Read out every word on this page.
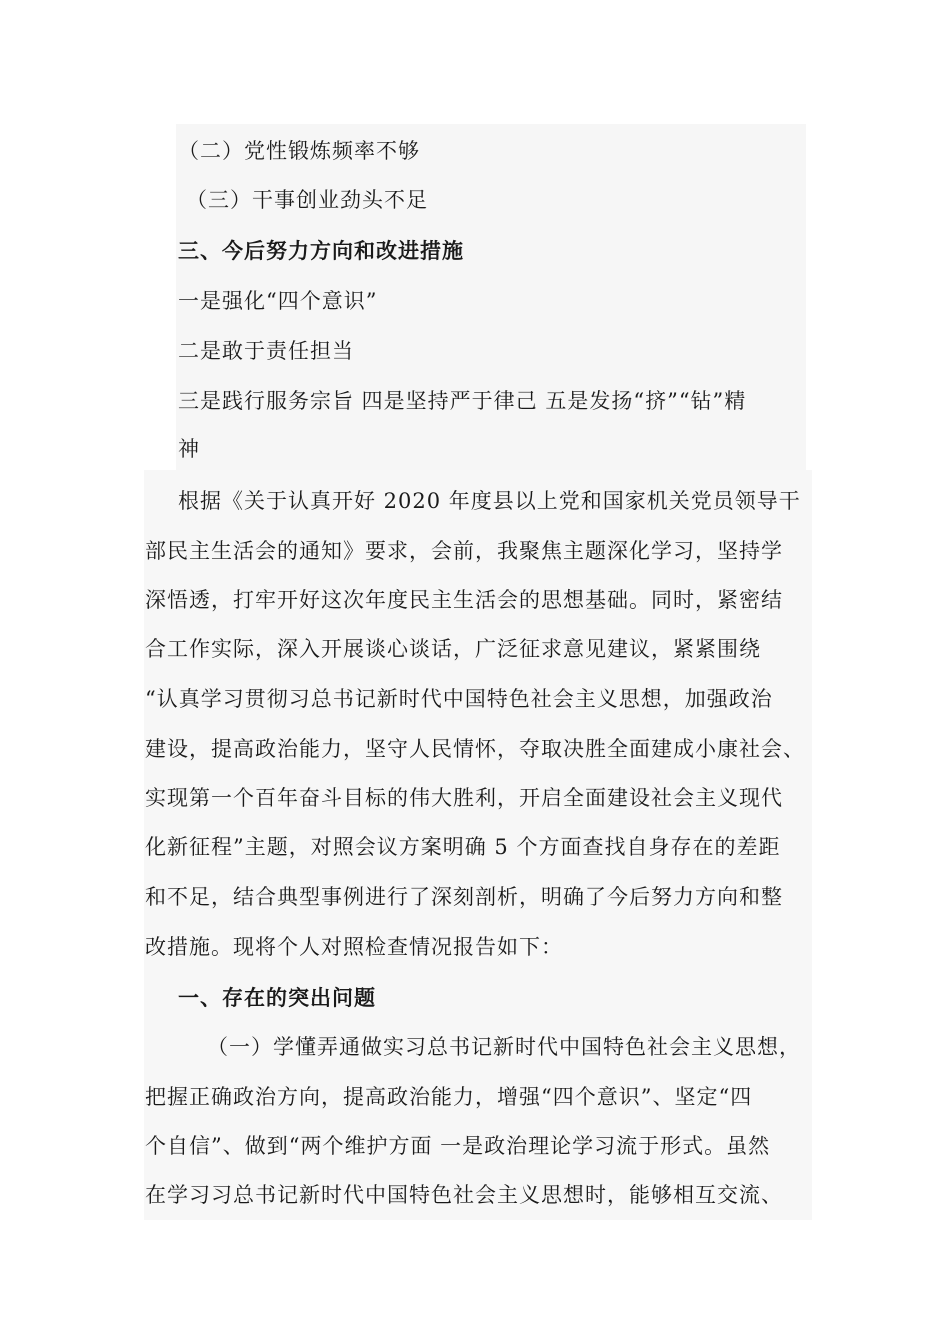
（二）党性锻炼频率不够
（三）干事创业劲头不足
三、今后努力方向和改进措施
一是强化“四个意识”
二是敢于责任担当
三是践行服务宗旨 四是坚持严于律己 五是发扬“挤”“钻”精
神
根据《关于认真开好 2020 年度县以上党和国家机关党员领导干
部民主生活会的通知》要求，会前，我聚焦主题深化学习，坚持学
深悟透，打牢开好这次年度民主生活会的思想基础。同时，紧密结
合工作实际，深入开展谈心谈话，广泛征求意见建议，紧紧围绕
“认真学习贯彻习总书记新时代中国特色社会主义思想，加强政治
建设，提高政治能力，坚守人民情怀，夺取决胜全面建成小康社会、
实现第一个百年奋斗目标的伟大胜利，开启全面建设社会主义现代
化新征程”主题，对照会议方案明确 5 个方面查找自身存在的差距
和不足，结合典型事例进行了深刻剖析，明确了今后努力方向和整
改措施。现将个人对照检查情况报告如下：
一、存在的突出问题
（一）学懂弄通做实习总书记新时代中国特色社会主义思想，
把握正确政治方向，提高政治能力，增强“四个意识”、坚定“四
个自信”、做到“两个维护方面 一是政治理论学习流于形式。虽然
在学习习总书记新时代中国特色社会主义思想时，能够相互交流、
